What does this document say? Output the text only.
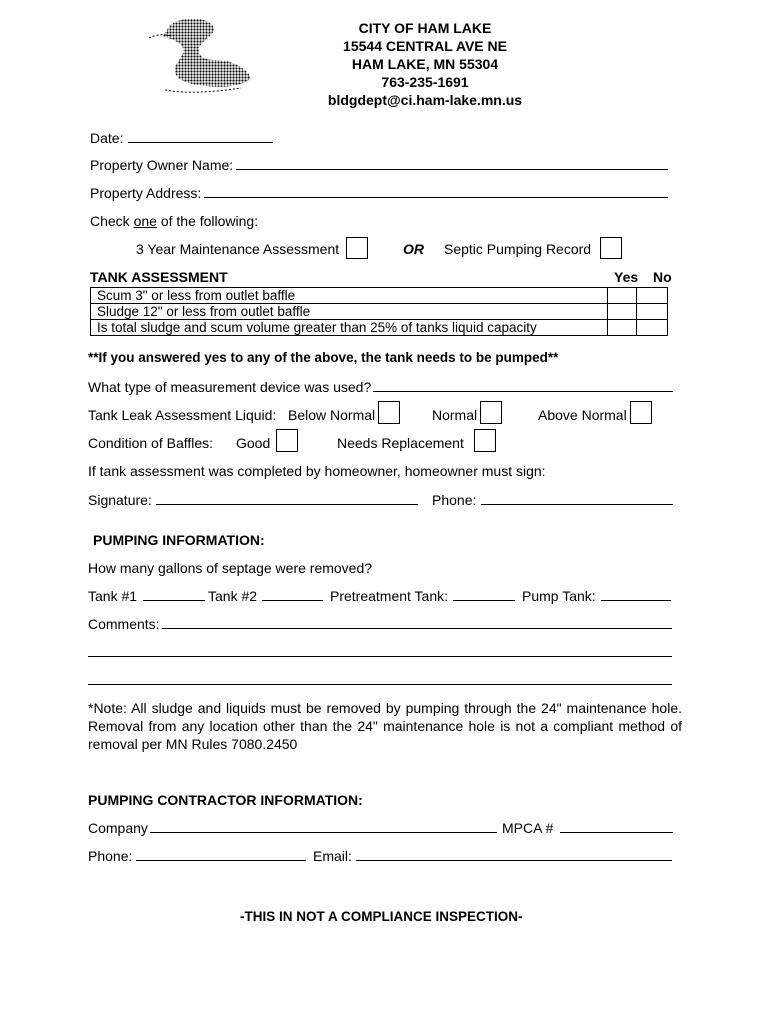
CITY OF HAM LAKE
15544 CENTRAL AVE NE
HAM LAKE, MN 55304
763-235-1691
bldgdept@ci.ham-lake.mn.us
Date:
Property Owner Name:
Property Address:
Check one of the following:
3 Year Maintenance Assessment	OR Septic Pumping Record
TANK ASSESSMENT	Yes No
Scum 3" or less from outlet baffle		
Sludge 12" or less from outlet baffle		
Is total sludge and scum volume greater than 25% of tanks liquid capacity		
**If you answered yes to any of the above, the tank needs to be pumped**
What type of measurement device was used?
Tank Leak Assessment Liquid: Below Normal	Normal	Above Normal
Condition of Baffles: Good	Needs Replacement
If tank assessment was completed by homeowner, homeowner must sign:
Signature:	Phone:
PUMPING INFORMATION:
How many gallons of septage were removed?
Tank #1	Tank #2	Pretreatment Tank:	Pump Tank:
Comments:
*Note: All sludge and liquids must be removed by pumping through the 24" maintenance hole. Removal from any location other than the 24" maintenance hole is not a compliant method of removal per MN Rules 7080.2450
PUMPING CONTRACTOR INFORMATION:
Company	MPCA #
Phone:	Email:
-THIS IN NOT A COMPLIANCE INSPECTION-
